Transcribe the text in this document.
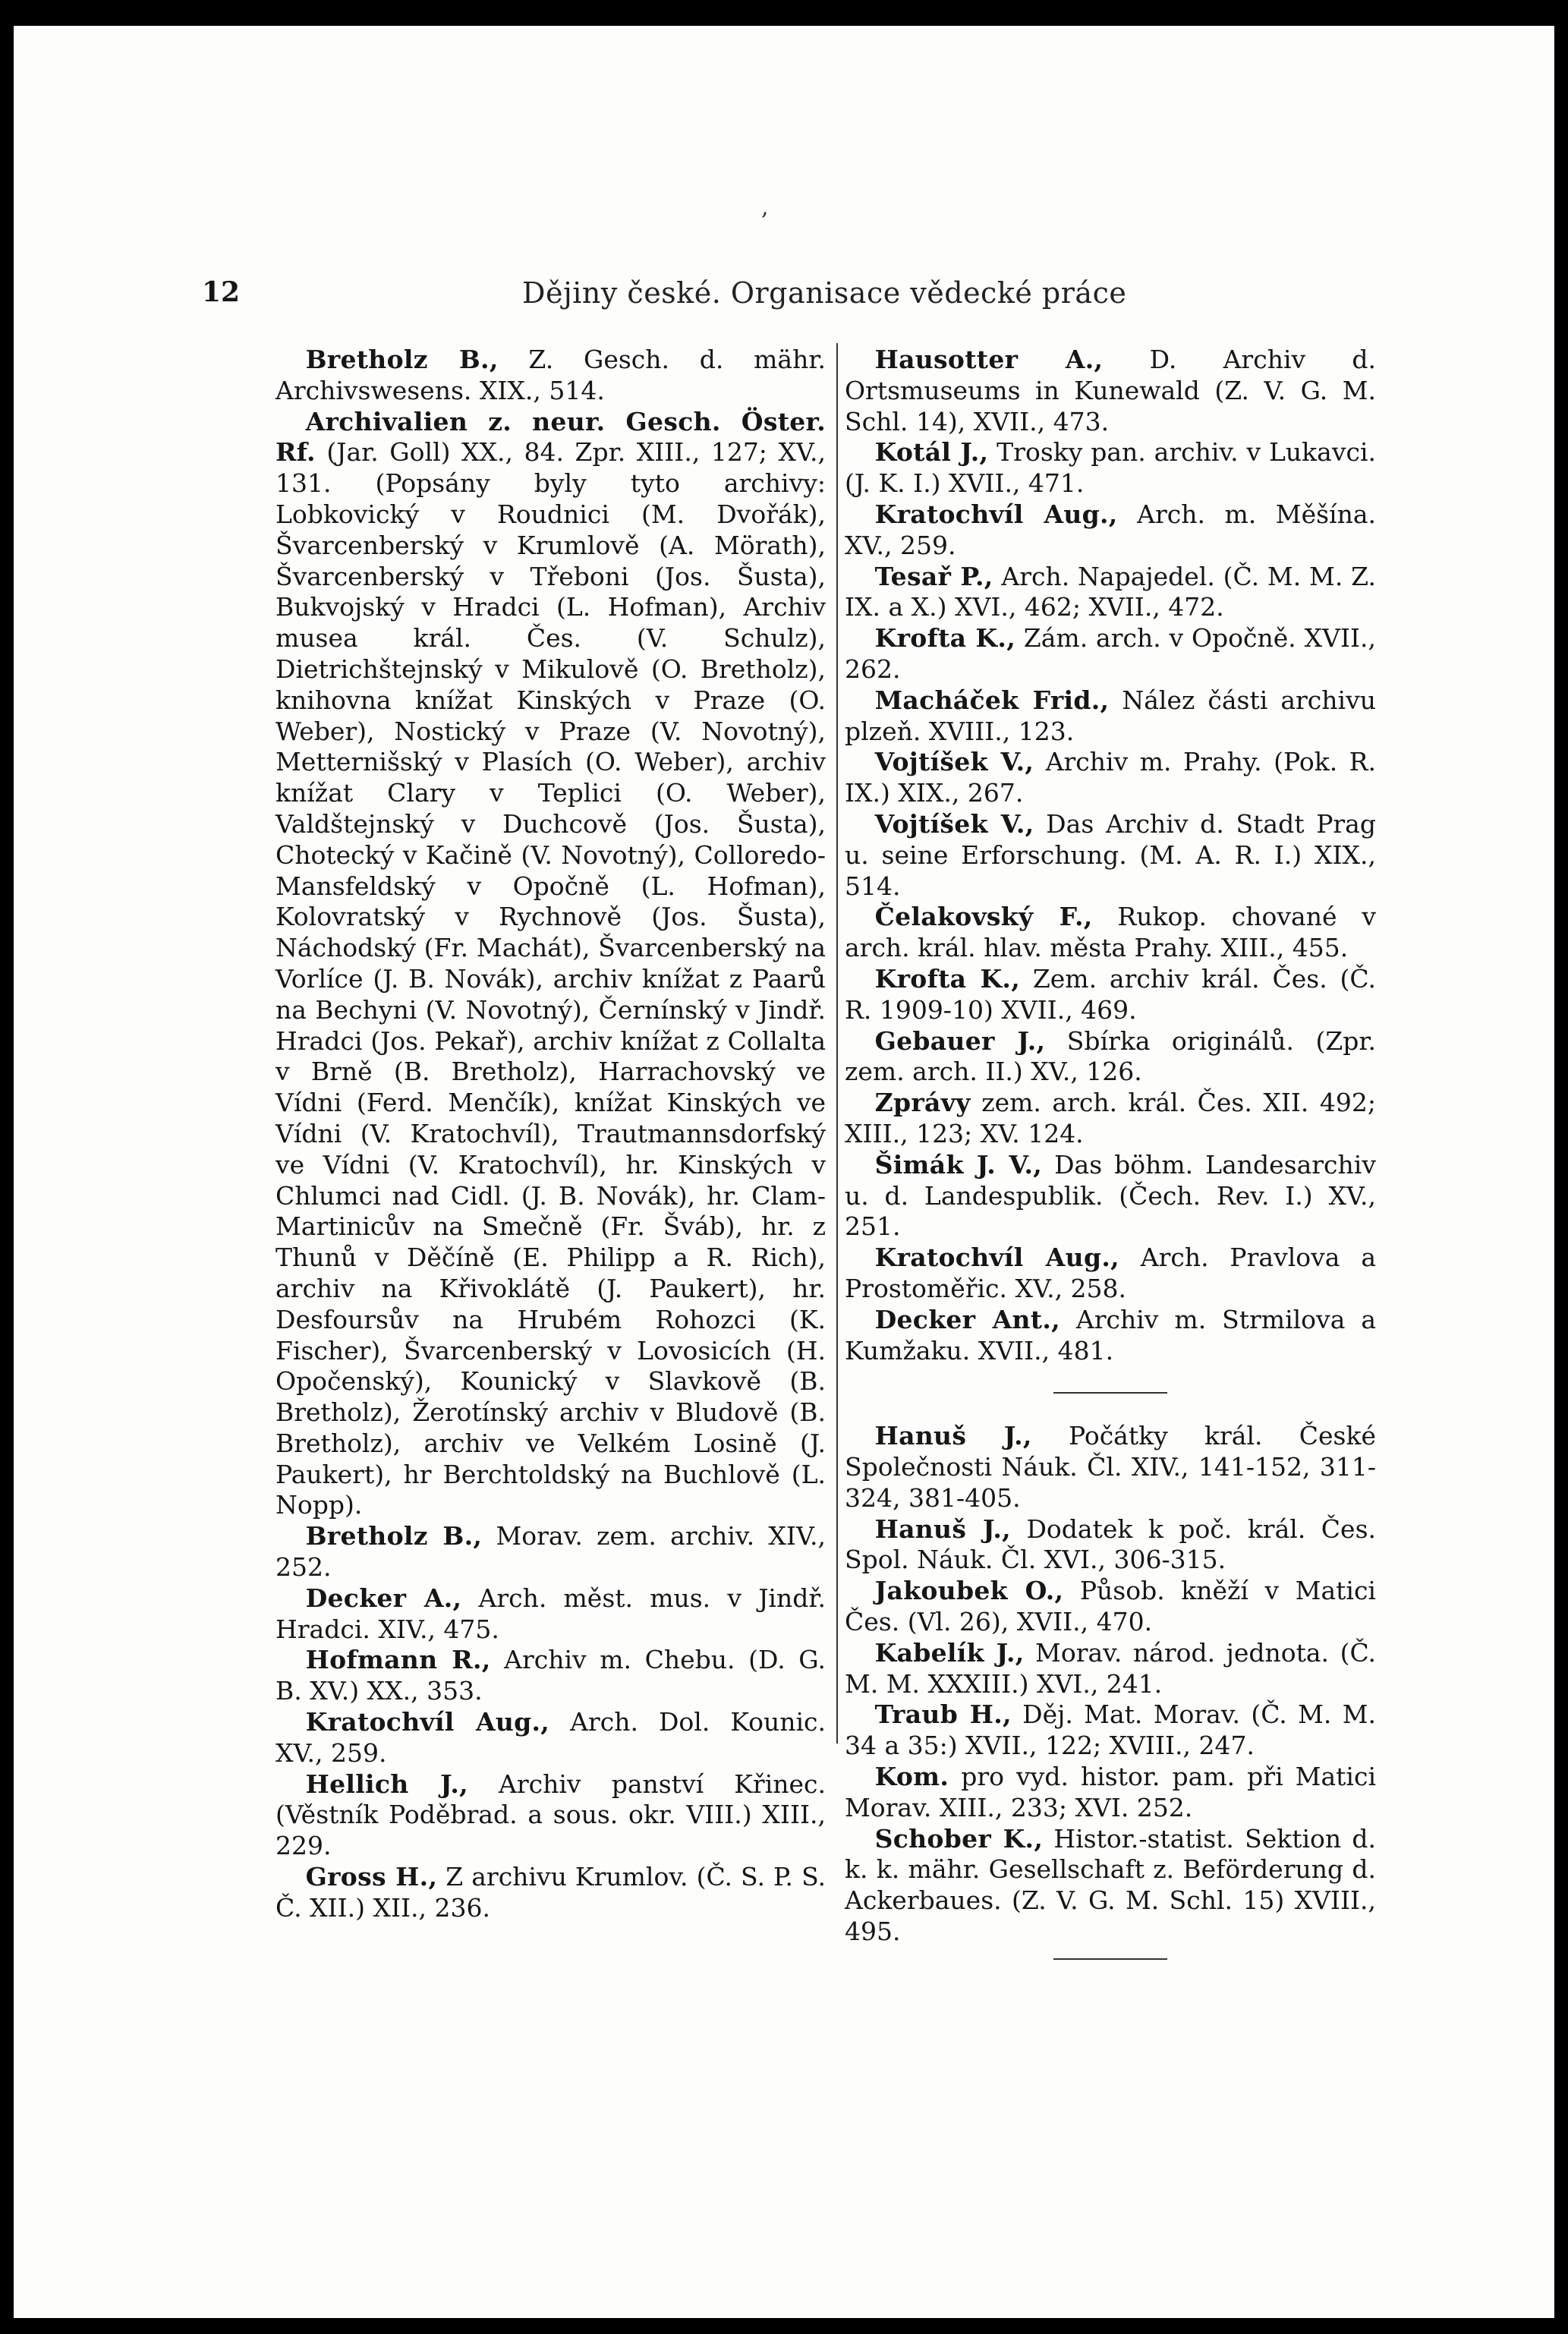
,
12	Dějiny české. Organisace vědecké práce
Bretholz B., Z. Gesch. d. mähr. Archivswesens. XIX., 514.
Archivalien z. neur. Gesch. Öster. Rf. (Jar. Goll) XX., 84. Zpr. XIII., 127; XV., 131. (Popsány byly tyto archivy: Lobkovický v Roudnici (M. Dvořák), Švarcenberský v Krumlově (A. Mörath), Švarcenberský v Třeboni (Jos. Šusta), Bukvojský v Hradci (L. Hofman), Archiv musea král. Čes. (V. Schulz), Dietrichštejnský v Mikulově (O. Bretholz), knihovna knížat Kinských v Praze (O. Weber), Nostický v Praze (V. Novotný), Metternišský v Plasích (O. Weber), archiv knížat Clary v Teplici (O. Weber), Valdštejnský v Duchcově (Jos. Šusta), Chotecký v Kačině (V. Novotný), Colloredo-Mansfeldský v Opočně (L. Hofman), Kolovratský v Rychnově (Jos. Šusta), Náchodský (Fr. Machát), Švarcenberský na Vorlíce (J. B. Novák), archiv knížat z Paarů na Bechyni (V. Novotný), Černínský v Jindř. Hradci (Jos. Pekař), archiv knížat z Collalta v Brně (B. Bretholz), Harrachovský ve Vídni (Ferd. Menčík), knížat Kinských ve Vídni (V. Kratochvíl), Trautmannsdorfský ve Vídni (V. Kratochvíl), hr. Kinských v Chlumci nad Cidl. (J. B. Novák), hr. Clam-Martinicův na Smečně (Fr. Šváb), hr. z Thunů v Děčíně (E. Philipp a R. Rich), archiv na Křivoklátě (J. Paukert), hr. Desfoursův na Hrubém Rohozci (K. Fischer), Švarcenberský v Lovosicích (H. Opočenský), Kounický v Slavkově (B. Bretholz), Žerotínský archiv v Bludově (B. Bretholz), archiv ve Velkém Losině (J. Paukert), hr Berchtoldský na Buchlově (L. Nopp).
Bretholz B., Morav. zem. archiv. XIV., 252.
Decker A., Arch. měst. mus. v Jindř. Hradci. XIV., 475.
Hofmann R., Archiv m. Chebu. (D. G. B. XV.) XX., 353.
Kratochvíl Aug., Arch. Dol. Kounic. XV., 259.
Hellich J., Archiv panství Křinec. (Věstník Poděbrad. a sous. okr. VIII.) XIII., 229.
Gross H., Z archivu Krumlov. (Č. S. P. S. Č. XII.) XII., 236.
Hausotter A., D. Archiv d. Ortsmuseums in Kunewald (Z. V. G. M. Schl. 14), XVII., 473.
Kotál J., Trosky pan. archiv. v Lukavci. (J. K. I.) XVII., 471.
Kratochvíl Aug., Arch. m. Měšína. XV., 259.
Tesař P., Arch. Napajedel. (Č. M. M. Z. IX. a X.) XVI., 462; XVII., 472.
Krofta K., Zám. arch. v Opočně. XVII., 262.
Macháček Frid., Nález části archivu plzeň. XVIII., 123.
Vojtíšek V., Archiv m. Prahy. (Pok. R. IX.) XIX., 267.
Vojtíšek V., Das Archiv d. Stadt Prag u. seine Erforschung. (M. A. R. I.) XIX., 514.
Čelakovský F., Rukop. chované v arch. král. hlav. města Prahy. XIII., 455.
Krofta K., Zem. archiv král. Čes. (Č. R. 1909-10) XVII., 469.
Gebauer J., Sbírka originálů. (Zpr. zem. arch. II.) XV., 126.
Zprávy zem. arch. král. Čes. XII. 492; XIII., 123; XV. 124.
Šimák J. V., Das böhm. Landesarchiv u. d. Landespublik. (Čech. Rev. I.) XV., 251.
Kratochvíl Aug., Arch. Pravlova a Prostoměřic. XV., 258.
Decker Ant., Archiv m. Strmilova a Kumžaku. XVII., 481.
Hanuš J., Počátky král. České Společnosti Náuk. Čl. XIV., 141-152, 311-324, 381-405.
Hanuš J., Dodatek k poč. král. Čes. Spol. Náuk. Čl. XVI., 306-315.
Jakoubek O., Působ. kněží v Matici Čes. (Vl. 26), XVII., 470.
Kabelík J., Morav. národ. jednota. (Č. M. M. XXXIII.) XVI., 241.
Traub H., Děj. Mat. Morav. (Č. M. M. 34 a 35:) XVII., 122; XVIII., 247.
Kom. pro vyd. histor. pam. při Matici Morav. XIII., 233; XVI. 252.
Schober K., Histor.-statist. Sektion d. k. k. mähr. Gesellschaft z. Beförderung d. Ackerbaues. (Z. V. G. M. Schl. 15) XVIII., 495.
